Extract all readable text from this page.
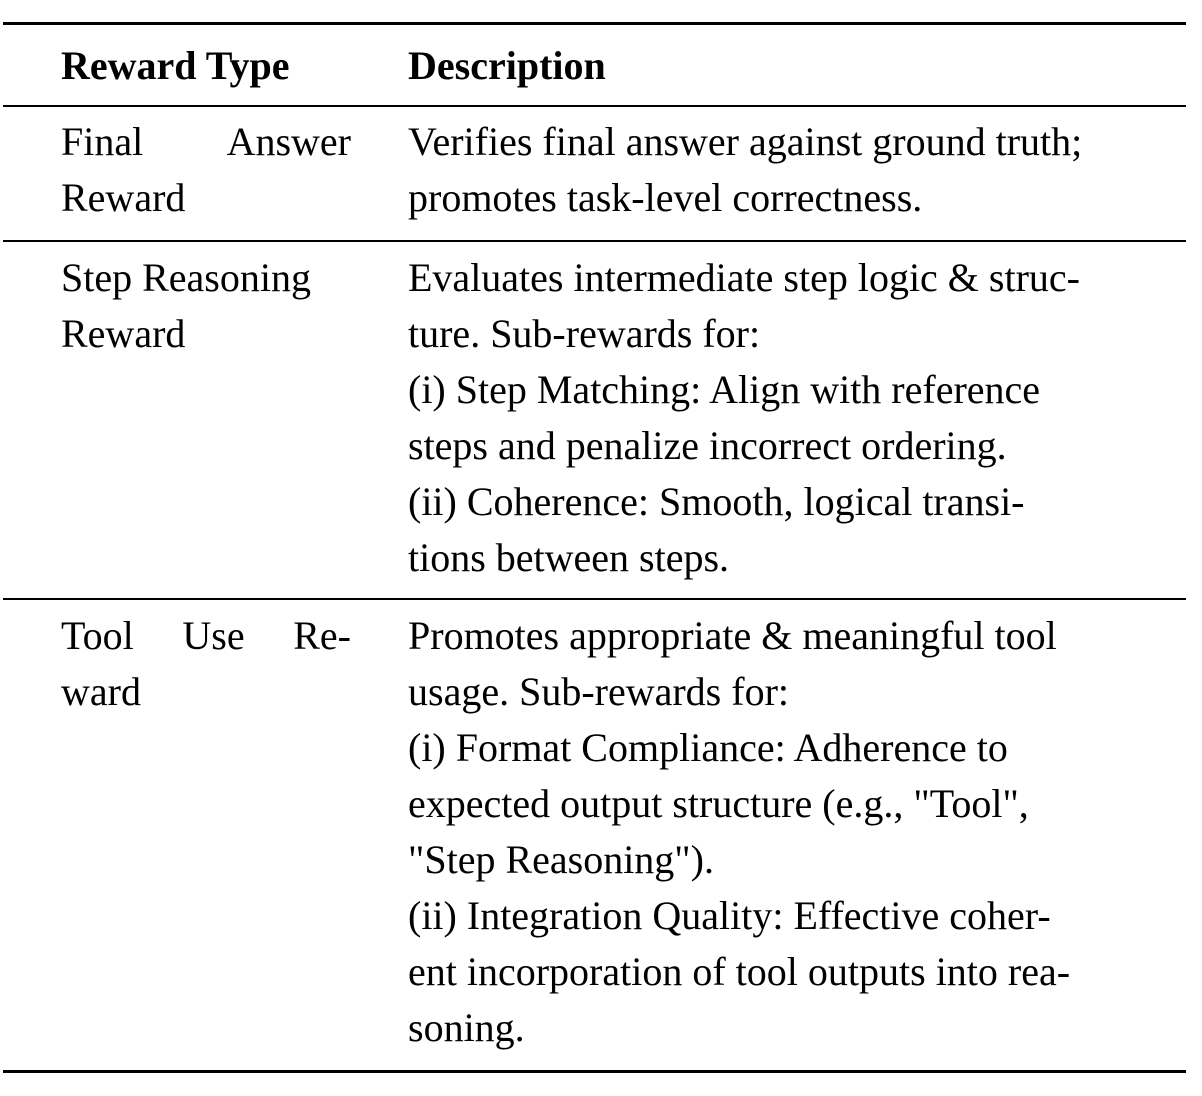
Reward Type	Description
Final Answer
Reward
Verifies final answer against ground truth;
promotes task-level correctness.
Step Reasoning
Reward
Evaluates intermediate step logic & struc-
ture. Sub-rewards for:
(i) Step Matching: Align with reference
steps and penalize incorrect ordering.
(ii) Coherence: Smooth, logical transi-
tions between steps.
Tool Use Re-
ward
Promotes appropriate & meaningful tool
usage. Sub-rewards for:
(i) Format Compliance: Adherence to
expected output structure (e.g., "Tool",
"Step Reasoning").
(ii) Integration Quality: Effective coher-
ent incorporation of tool outputs into rea-
soning.
